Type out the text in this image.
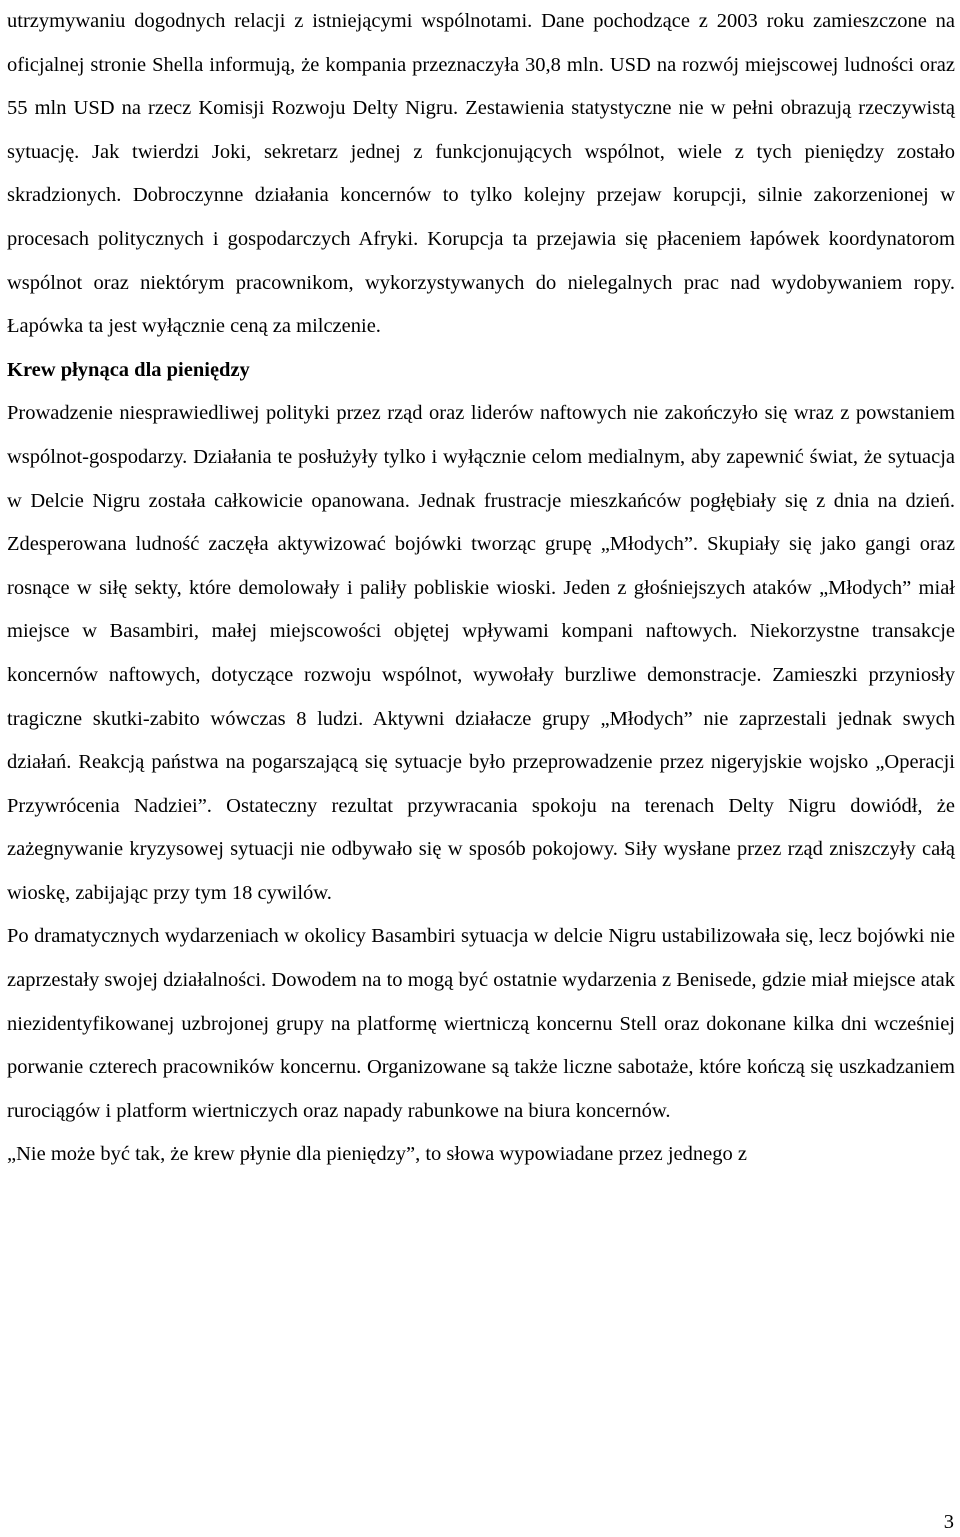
utrzymywaniu dogodnych relacji z istniejącymi wspólnotami. Dane pochodzące z 2003 roku zamieszczone na oficjalnej stronie Shella informują, że kompania przeznaczyła 30,8 mln. USD na rozwój miejscowej ludności oraz 55 mln USD na rzecz Komisji Rozwoju Delty Nigru. Zestawienia statystyczne nie w pełni obrazują rzeczywistą sytuację. Jak twierdzi Joki, sekretarz jednej z funkcjonujących wspólnot, wiele z tych pieniędzy zostało skradzionych. Dobroczynne działania koncernów to tylko kolejny przejaw korupcji, silnie zakorzenionej w procesach politycznych i gospodarczych Afryki. Korupcja ta przejawia się płaceniem łapówek koordynatorom wspólnot oraz niektórym pracownikom, wykorzystywanych do nielegalnych prac nad wydobywaniem ropy. Łapówka ta jest wyłącznie ceną za milczenie.

Krew płynąca dla pieniędzy

Prowadzenie niesprawiedliwej polityki przez rząd oraz liderów naftowych nie zakończyło się wraz z powstaniem wspólnot-gospodarzy. Działania te posłużyły tylko i wyłącznie celom medialnym, aby zapewnić świat, że sytuacja w Delcie Nigru została całkowicie opanowana. Jednak frustracje mieszkańców pogłębiały się z dnia na dzień. Zdesperowana ludność zaczęła aktywizować bojówki tworząc grupę „Młodych”. Skupiały się jako gangi oraz rosnące w siłę sekty, które demolowały i paliły pobliskie wioski. Jeden z głośniejszych ataków „Młodych” miał miejsce w Basambiri, małej miejscowości objętej wpływami kompani naftowych. Niekorzystne transakcje koncernów naftowych, dotyczące rozwoju wspólnot, wywołały burzliwe demonstracje. Zamieszki przyniosły tragiczne skutki-zabito wówczas 8 ludzi. Aktywni działacze grupy „Młodych” nie zaprzestali jednak swych działań. Reakcją państwa na pogarszającą się sytuacje było przeprowadzenie przez nigeryjskie wojsko „Operacji Przywrócenia Nadziei”. Ostateczny rezultat przywracania spokoju na terenach Delty Nigru dowiódł, że zażegnywanie kryzysowej sytuacji nie odbywało się w sposób pokojowy. Siły wysłane przez rząd zniszczyły całą wioskę, zabijając przy tym 18 cywilów.

Po dramatycznych wydarzeniach w okolicy Basambiri sytuacja w delcie Nigru ustabilizowała się, lecz bojówki nie zaprzestały swojej działalności. Dowodem na to mogą być ostatnie wydarzenia z Benisede, gdzie miał miejsce atak niezidentyfikowanej uzbrojonej grupy na platformę wiertniczą koncernu Stell oraz dokonane kilka dni wcześniej porwanie czterech pracowników koncernu. Organizowane są także liczne sabotaże, które kończą się uszkadzaniem rurociągów i platform wiertniczych oraz napady rabunkowe na biura koncernów.

„Nie może być tak, że krew płynie dla pieniędzy”, to słowa wypowiadane przez jednego z

3
